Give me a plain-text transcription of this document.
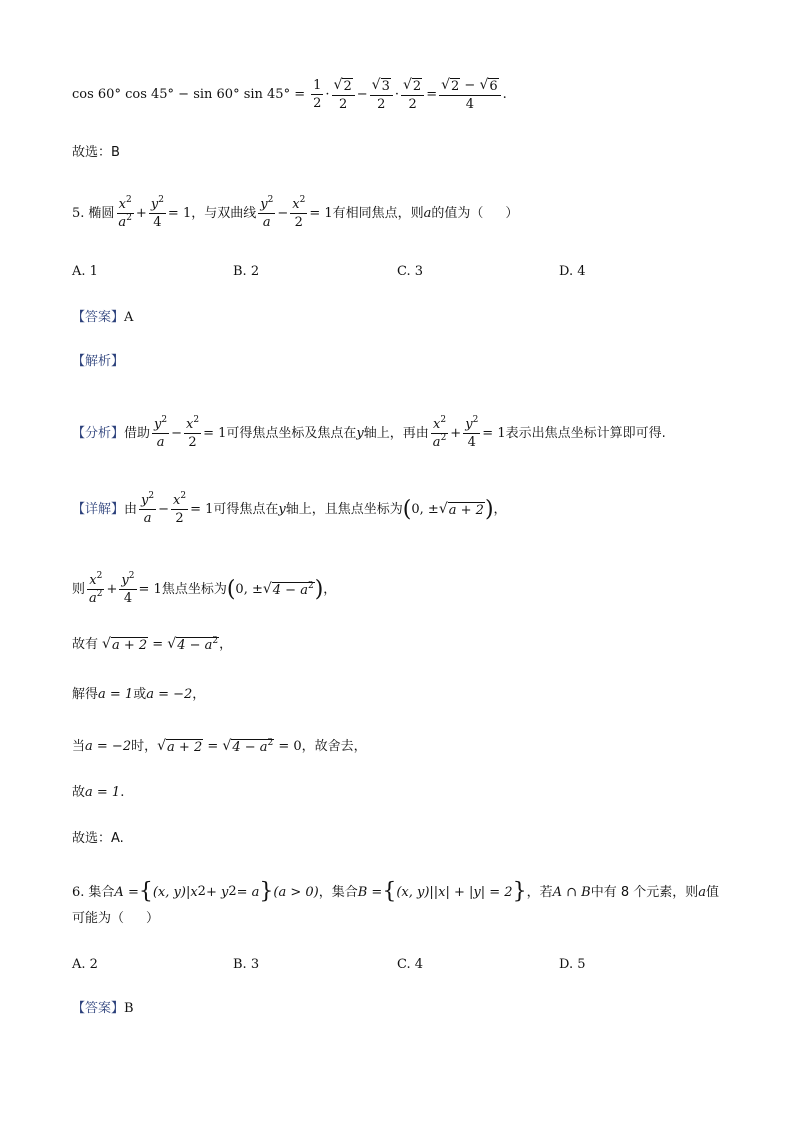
cos 60° cos 45° − sin 60° $\sin 45^\circ = \frac{1}{2} \cdot \frac{√ 2}{2} - \frac{√ 3}{2} \cdot \frac{√ 2}{2} = \frac{√ 2 - √ 6}{4}$ .
故选：B
5. 椭圆 $\frac{x^2}{a^2} + \frac{y^2}{4} = 1$ ，与双曲线 $\frac{y^2}{a} - \frac{x^2}{2} = 1$ 有相同焦点，则 a 的值为（ ）
A. 1	B. 2	C. 3	D. 4
【答案】 A
【解析】
【分析】 借助 $\frac{y^2}{a} - \frac{x^2}{2} = 1$ 可得焦点坐标及焦点在 y 轴上，再由 $\frac{x^2}{a^2} + \frac{y^2}{4} = 1$ 表示出焦点坐标计算即可得.
【详解】 由 $\frac{y^2}{a} - \frac{x^2}{2} = 1$ 可得焦点在 y 轴上，且焦点坐标为 ( 0, ± √ a + 2 ) ，
则 $\frac{x^2}{a^2} + \frac{y^2}{4} = 1$ 焦点坐标为 ( 0, ± √ $4 - a^2$ ) ，
故有 √ a + 2 = √ $4 - a^2$ ，
解得 a = 1 或 a = −2 ，
当 a = −2 时， √ a + 2 = √ $4 - a^2$
= 0 ，故舍去，
故 a = 1 .
故选：A.
6. 集合 A = { (x, y) | x 2 + y 2 = a } (a > 0) ，集合 B = { (x, y) | |x| + |y| = 2 } ，若 A ∩ B 中有 8 个元素，则 a 值
可能为（ ）
A. 2	B. 3	C. 4	D. 5
【答案】 B
